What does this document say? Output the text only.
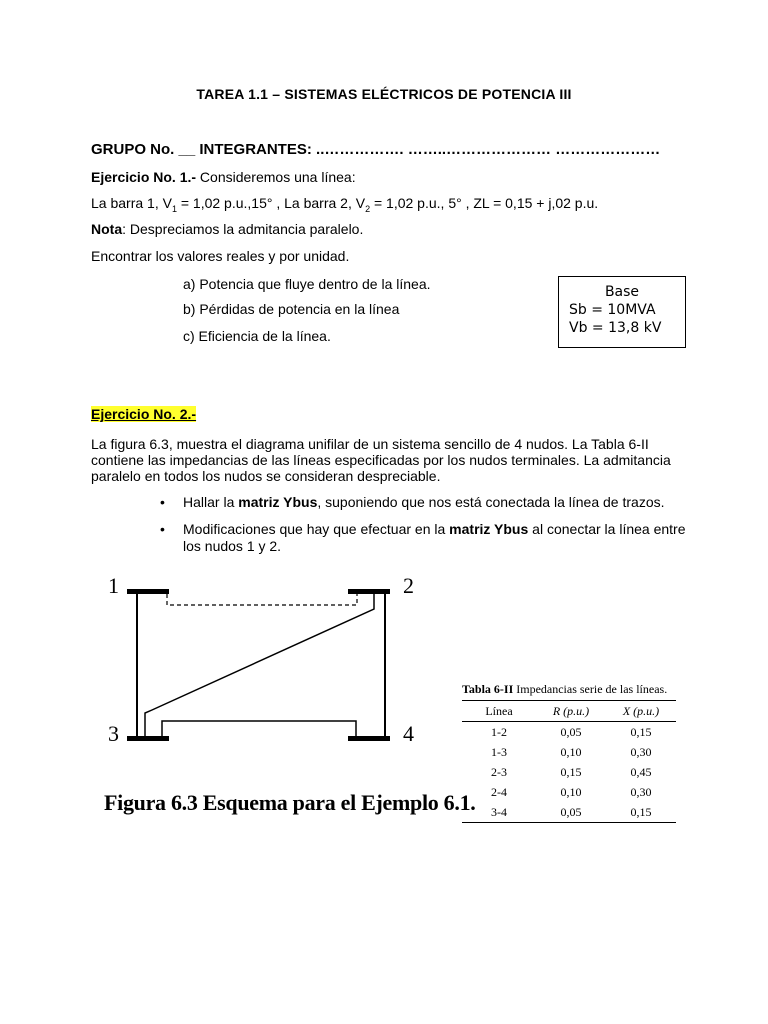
TAREA 1.1 – SISTEMAS ELÉCTRICOS DE POTENCIA III
GRUPO No. __ INTEGRANTES: ..……………. ……..………………… …………………
Ejercicio No. 1.- Consideremos una línea:
La barra 1, $V_1 = 1,02$ p.u.,15° , La barra 2, $V_2 = 1,02$ p.u., 5° , ZL = 0,15 + j,02 p.u.
Nota: Despreciamos la admitancia paralelo.
Encontrar los valores reales y por unidad.
a) Potencia que fluye dentro de la línea.
b) Pérdidas de potencia en la línea
c) Eficiencia de la línea.
Base
Sb = 10MVA
Vb = 13,8 kV
Ejercicio No. 2.-
La figura 6.3, muestra el diagrama unifilar de un sistema sencillo de 4 nudos. La Tabla 6-II contiene las impedancias de las líneas especificadas por los nudos terminales. La admitancia paralelo en todos los nudos se consideran despreciable.
• Hallar la matriz Ybus, suponiendo que nos está conectada la línea de trazos.
• Modificaciones que hay que efectuar en la matriz Ybus al conectar la línea entre los nudos 1 y 2.
1	2
3	4
Figura 6.3 Esquema para el Ejemplo 6.1.
Tabla 6-II Impedancias serie de las líneas.
Línea	R (p.u.)	X (p.u.)
1-2	0,05	0,15
1-3	0,10	0,30
2-3	0,15	0,45
2-4	0,10	0,30
3-4	0,05	0,15
